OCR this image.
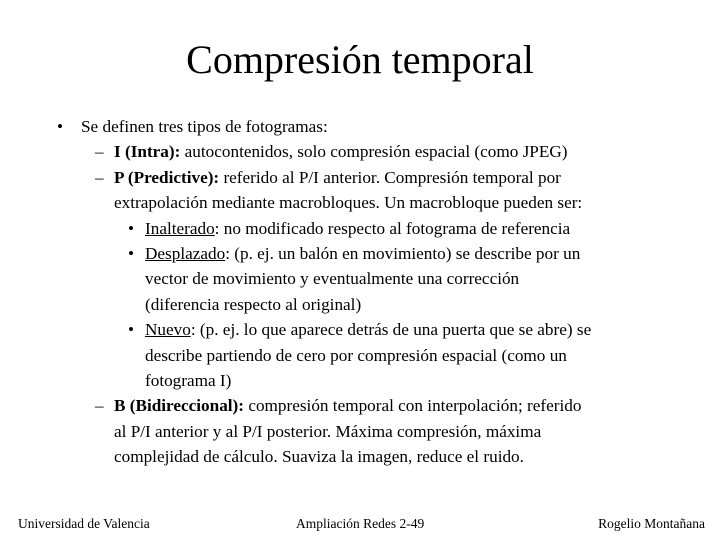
Compresión temporal
• Se definen tres tipos de fotogramas:
– I (Intra): autocontenidos, solo compresión espacial (como JPEG)
– P (Predictive): referido al P/I anterior. Compresión temporal por
extrapolación mediante macrobloques. Un macrobloque pueden ser:
• Inalterado: no modificado respecto al fotograma de referencia
• Desplazado: (p. ej. un balón en movimiento) se describe por un
vector de movimiento y eventualmente una corrección
(diferencia respecto al original)
• Nuevo: (p. ej. lo que aparece detrás de una puerta que se abre) se
describe partiendo de cero por compresión espacial (como un
fotograma I)
– B (Bidireccional): compresión temporal con interpolación; referido
al P/I anterior y al P/I posterior. Máxima compresión, máxima
complejidad de cálculo. Suaviza la imagen, reduce el ruido.
Universidad de Valencia	Ampliación Redes 2-49	Rogelio Montañana
